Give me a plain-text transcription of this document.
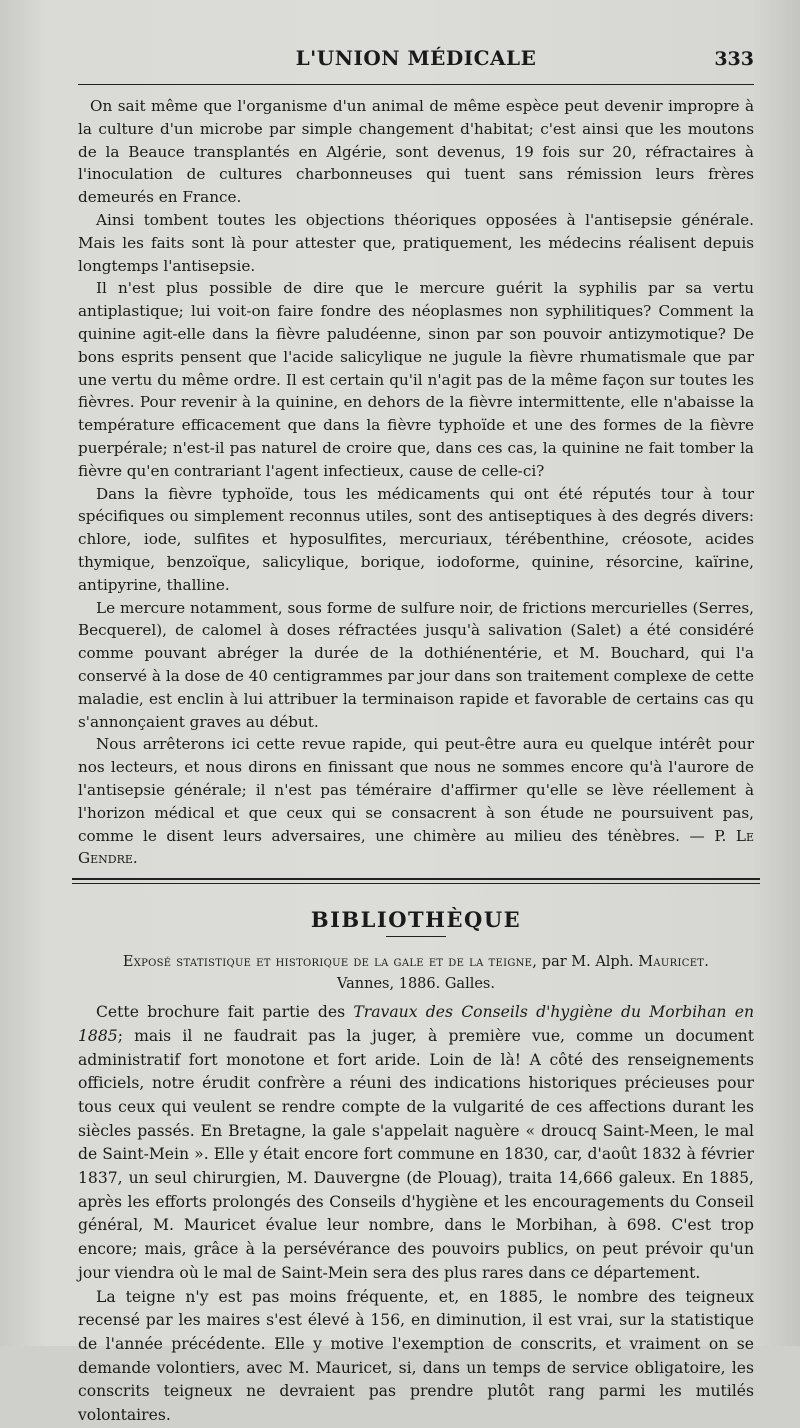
L'UNION MÉDICALE	333

On sait même que l'organisme d'un animal de même espèce peut devenir impropre à la culture d'un microbe par simple changement d'habitat; c'est ainsi que les moutons de la Beauce transplantés en Algérie, sont devenus, 19 fois sur 20, réfractaires à l'inoculation de cultures charbonneuses qui tuent sans rémission leurs frères demeurés en France.

Ainsi tombent toutes les objections théoriques opposées à l'antisepsie générale. Mais les faits sont là pour attester que, pratiquement, les médecins réalisent depuis longtemps l'antisepsie.

Il n'est plus possible de dire que le mercure guérit la syphilis par sa vertu antiplastique; lui voit-on faire fondre des néoplasmes non syphilitiques? Comment la quinine agit-elle dans la fièvre paludéenne, sinon par son pouvoir antizymotique? De bons esprits pensent que l'acide salicylique ne jugule la fièvre rhumatismale que par une vertu du même ordre. Il est certain qu'il n'agit pas de la même façon sur toutes les fièvres. Pour revenir à la quinine, en dehors de la fièvre intermittente, elle n'abaisse la température efficacement que dans la fièvre typhoïde et une des formes de la fièvre puerpérale; n'est-il pas naturel de croire que, dans ces cas, la quinine ne fait tomber la fièvre qu'en contrariant l'agent infectieux, cause de celle-ci?

Dans la fièvre typhoïde, tous les médicaments qui ont été réputés tour à tour spécifiques ou simplement reconnus utiles, sont des antiseptiques à des degrés divers: chlore, iode, sulfites et hyposulfites, mercuriaux, térébenthine, créosote, acides thymique, benzoïque, salicylique, borique, iodoforme, quinine, résorcine, kaïrine, antipyrine, thalline.

Le mercure notamment, sous forme de sulfure noir, de frictions mercurielles (Serres, Becquerel), de calomel à doses réfractées jusqu'à salivation (Salet) a été considéré comme pouvant abréger la durée de la dothiénentérie, et M. Bouchard, qui l'a conservé à la dose de 40 centigrammes par jour dans son traitement complexe de cette maladie, est enclin à lui attribuer la terminaison rapide et favorable de certains cas qu s'annonçaient graves au début.

Nous arrêterons ici cette revue rapide, qui peut-être aura eu quelque intérêt pour nos lecteurs, et nous dirons en finissant que nous ne sommes encore qu'à l'aurore de l'antisepsie générale; il n'est pas téméraire d'affirmer qu'elle se lève réellement à l'horizon médical et que ceux qui se consacrent à son étude ne poursuivent pas, comme le disent leurs adversaires, une chimère au milieu des ténèbres. — P. Le Gendre.

BIBLIOTHÈQUE
Exposé statistique et historique de la gale et de la teigne, par M. Alph. Mauricet.
Vannes, 1886. Galles.

Cette brochure fait partie des Travaux des Conseils d'hygiène du Morbihan en 1885; mais il ne faudrait pas la juger, à première vue, comme un document administratif fort monotone et fort aride. Loin de là! A côté des renseignements officiels, notre érudit confrère a réuni des indications historiques précieuses pour tous ceux qui veulent se rendre compte de la vulgarité de ces affections durant les siècles passés. En Bretagne, la gale s'appelait naguère « droucq Saint-Meen, le mal de Saint-Mein ». Elle y était encore fort commune en 1830, car, d'août 1832 à février 1837, un seul chirurgien, M. Dauvergne (de Plouag), traita 14,666 galeux. En 1885, après les efforts prolongés des Conseils d'hygiène et les encouragements du Conseil général, M. Mauricet évalue leur nombre, dans le Morbihan, à 698. C'est trop encore; mais, grâce à la persévérance des pouvoirs publics, on peut prévoir qu'un jour viendra où le mal de Saint-Mein sera des plus rares dans ce département.

La teigne n'y est pas moins fréquente, et, en 1885, le nombre des teigneux recensé par les maires s'est élevé à 156, en diminution, il est vrai, sur la statistique de l'année précédente. Elle y motive l'exemption de conscrits, et vraiment on se demande volontiers, avec M. Mauricet, si, dans un temps de service obligatoire, les conscrits teigneux ne devraient pas prendre plutôt rang parmi les mutilés volontaires.
